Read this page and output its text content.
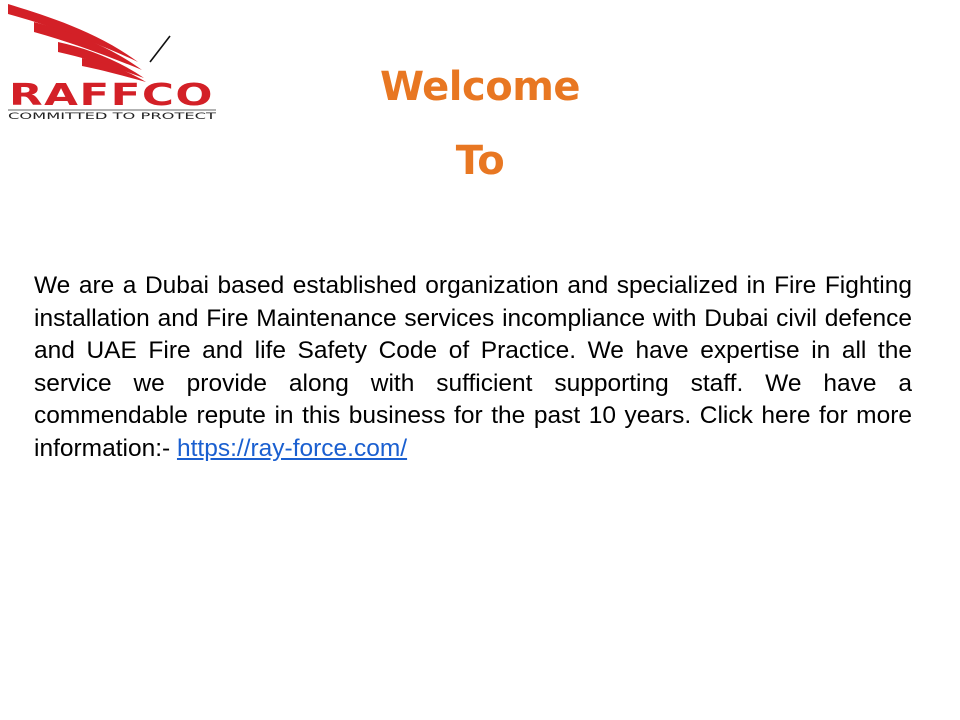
RAFFCO
COMMITTED TO PROTECT
Welcome
To

We are a Dubai based established organization and specialized in Fire Fighting installation and Fire Maintenance services incompliance with Dubai civil defence and UAE Fire and life Safety Code of Practice. We have expertise in all the service we provide along with sufficient supporting staff. We have a commendable repute in this business for the past 10 years. Click here for more information:- https://ray-force.com/
